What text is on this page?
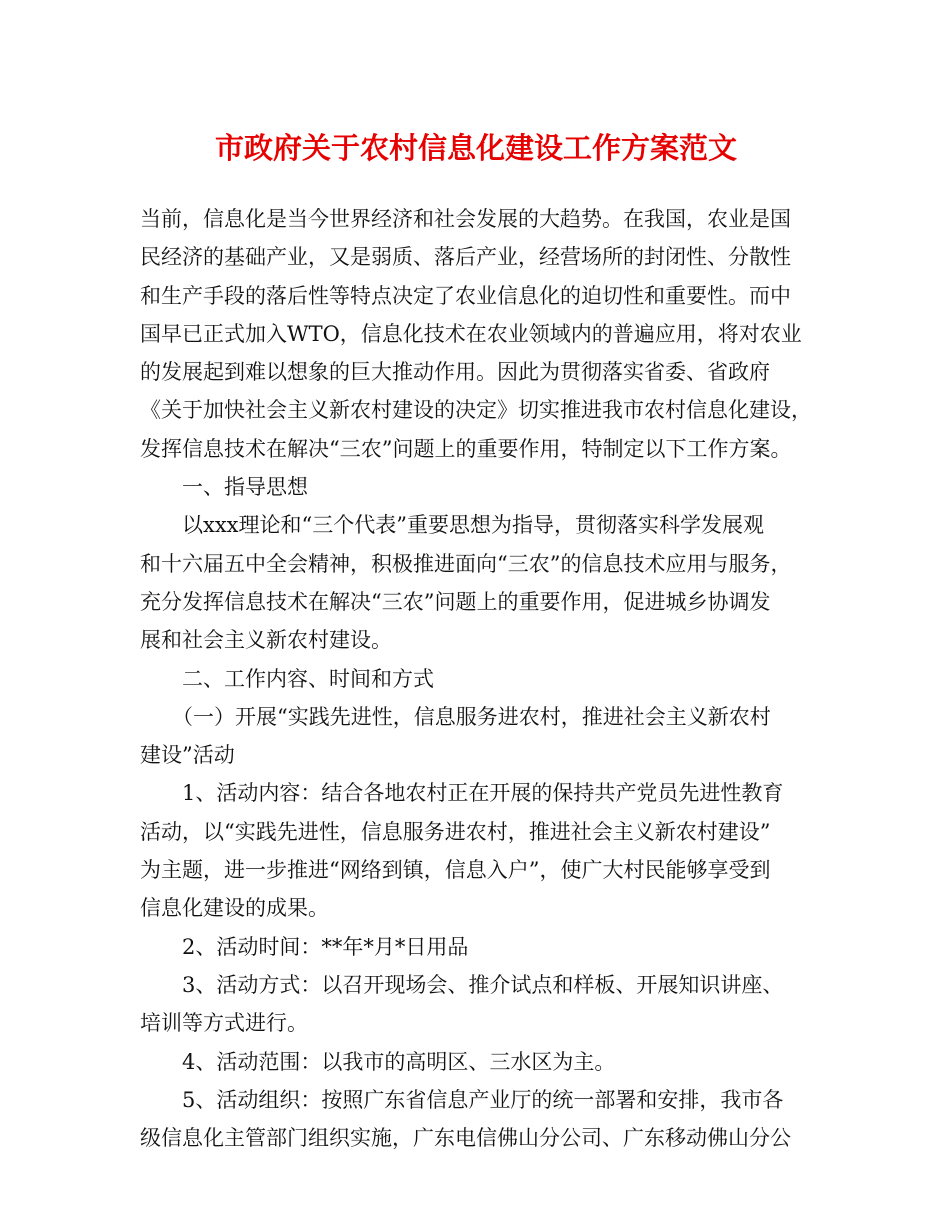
市政府关于农村信息化建设工作方案范文
当前，信息化是当今世界经济和社会发展的大趋势。在我国，农业是国
民经济的基础产业，又是弱质、落后产业，经营场所的封闭性、分散性
和生产手段的落后性等特点决定了农业信息化的迫切性和重要性。而中
国早已正式加入WTO，信息化技术在农业领域内的普遍应用，将对农业
的发展起到难以想象的巨大推动作用。因此为贯彻落实省委、省政府
《关于加快社会主义新农村建设的决定》切实推进我市农村信息化建设，
发挥信息技术在解决“三农”问题上的重要作用，特制定以下工作方案。
一、指导思想
以xxx理论和“三个代表”重要思想为指导，贯彻落实科学发展观
和十六届五中全会精神，积极推进面向“三农”的信息技术应用与服务，
充分发挥信息技术在解决“三农”问题上的重要作用，促进城乡协调发
展和社会主义新农村建设。
二、工作内容、时间和方式
（一）开展“实践先进性，信息服务进农村，推进社会主义新农村
建设”活动
1、活动内容：结合各地农村正在开展的保持共产党员先进性教育
活动，以“实践先进性，信息服务进农村，推进社会主义新农村建设”
为主题，进一步推进“网络到镇，信息入户”，使广大村民能够享受到
信息化建设的成果。
2、活动时间：**年*月*日用品
3、活动方式：以召开现场会、推介试点和样板、开展知识讲座、
培训等方式进行。
4、活动范围：以我市的高明区、三水区为主。
5、活动组织：按照广东省信息产业厅的统一部署和安排，我市各
级信息化主管部门组织实施，广东电信佛山分公司、广东移动佛山分公
